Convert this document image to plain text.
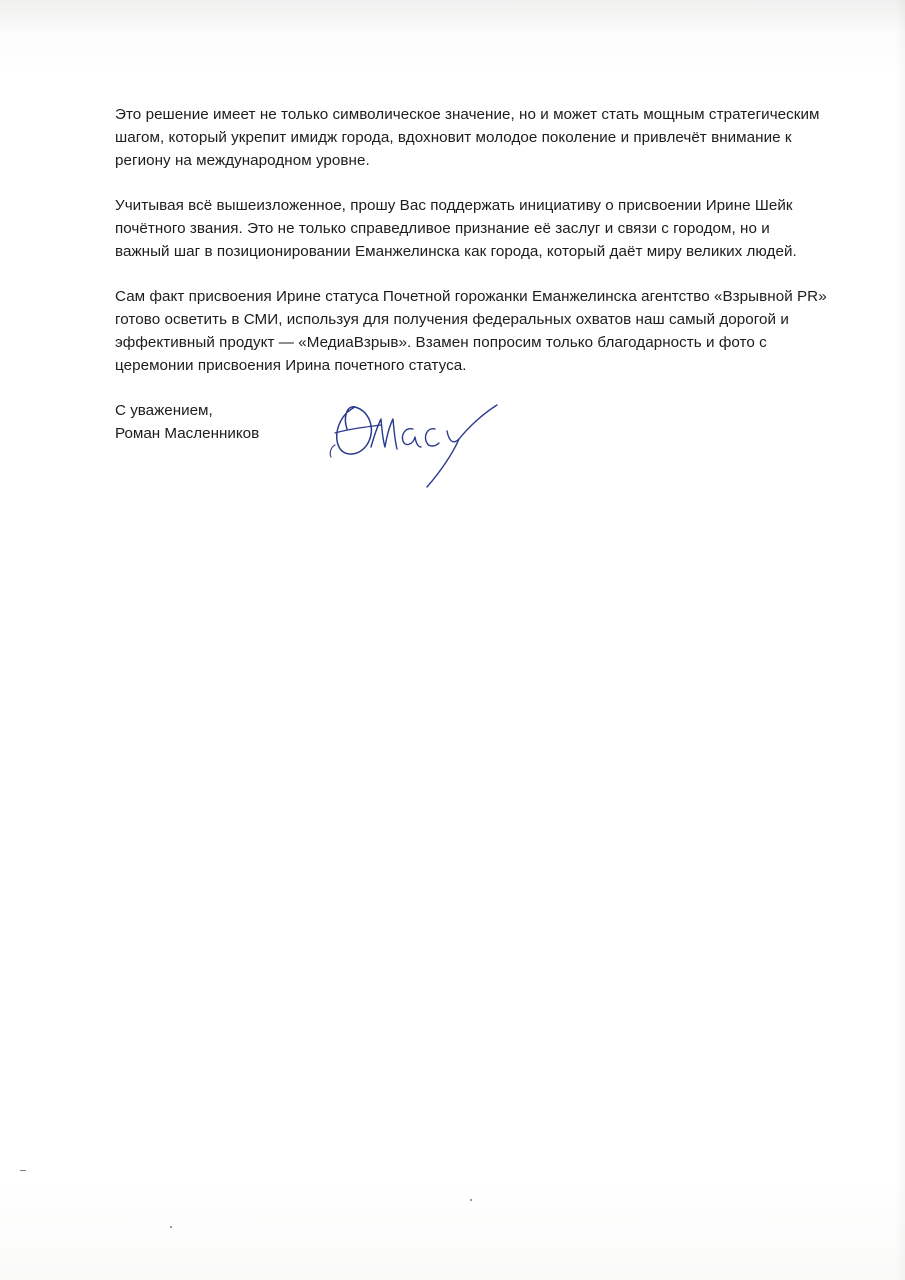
Это решение имеет не только символическое значение, но и может стать мощным стратегическим
шагом, который укрепит имидж города, вдохновит молодое поколение и привлечёт внимание к
региону на международном уровне.

Учитывая всё вышеизложенное, прошу Вас поддержать инициативу о присвоении Ирине Шейк
почётного звания. Это не только справедливое признание её заслуг и связи с городом, но и
важный шаг в позиционировании Еманжелинска как города, который даёт миру великих людей.

Сам факт присвоения Ирине статуса Почетной горожанки Еманжелинска агентство «Взрывной PR»
готово осветить в СМИ, используя для получения федеральных охватов наш самый дорогой и
эффективный продукт — «МедиаВзрыв». Взамен попросим только благодарность и фото с
церемонии присвоения Ирина почетного статуса.

С уважением,
Роман Масленников
